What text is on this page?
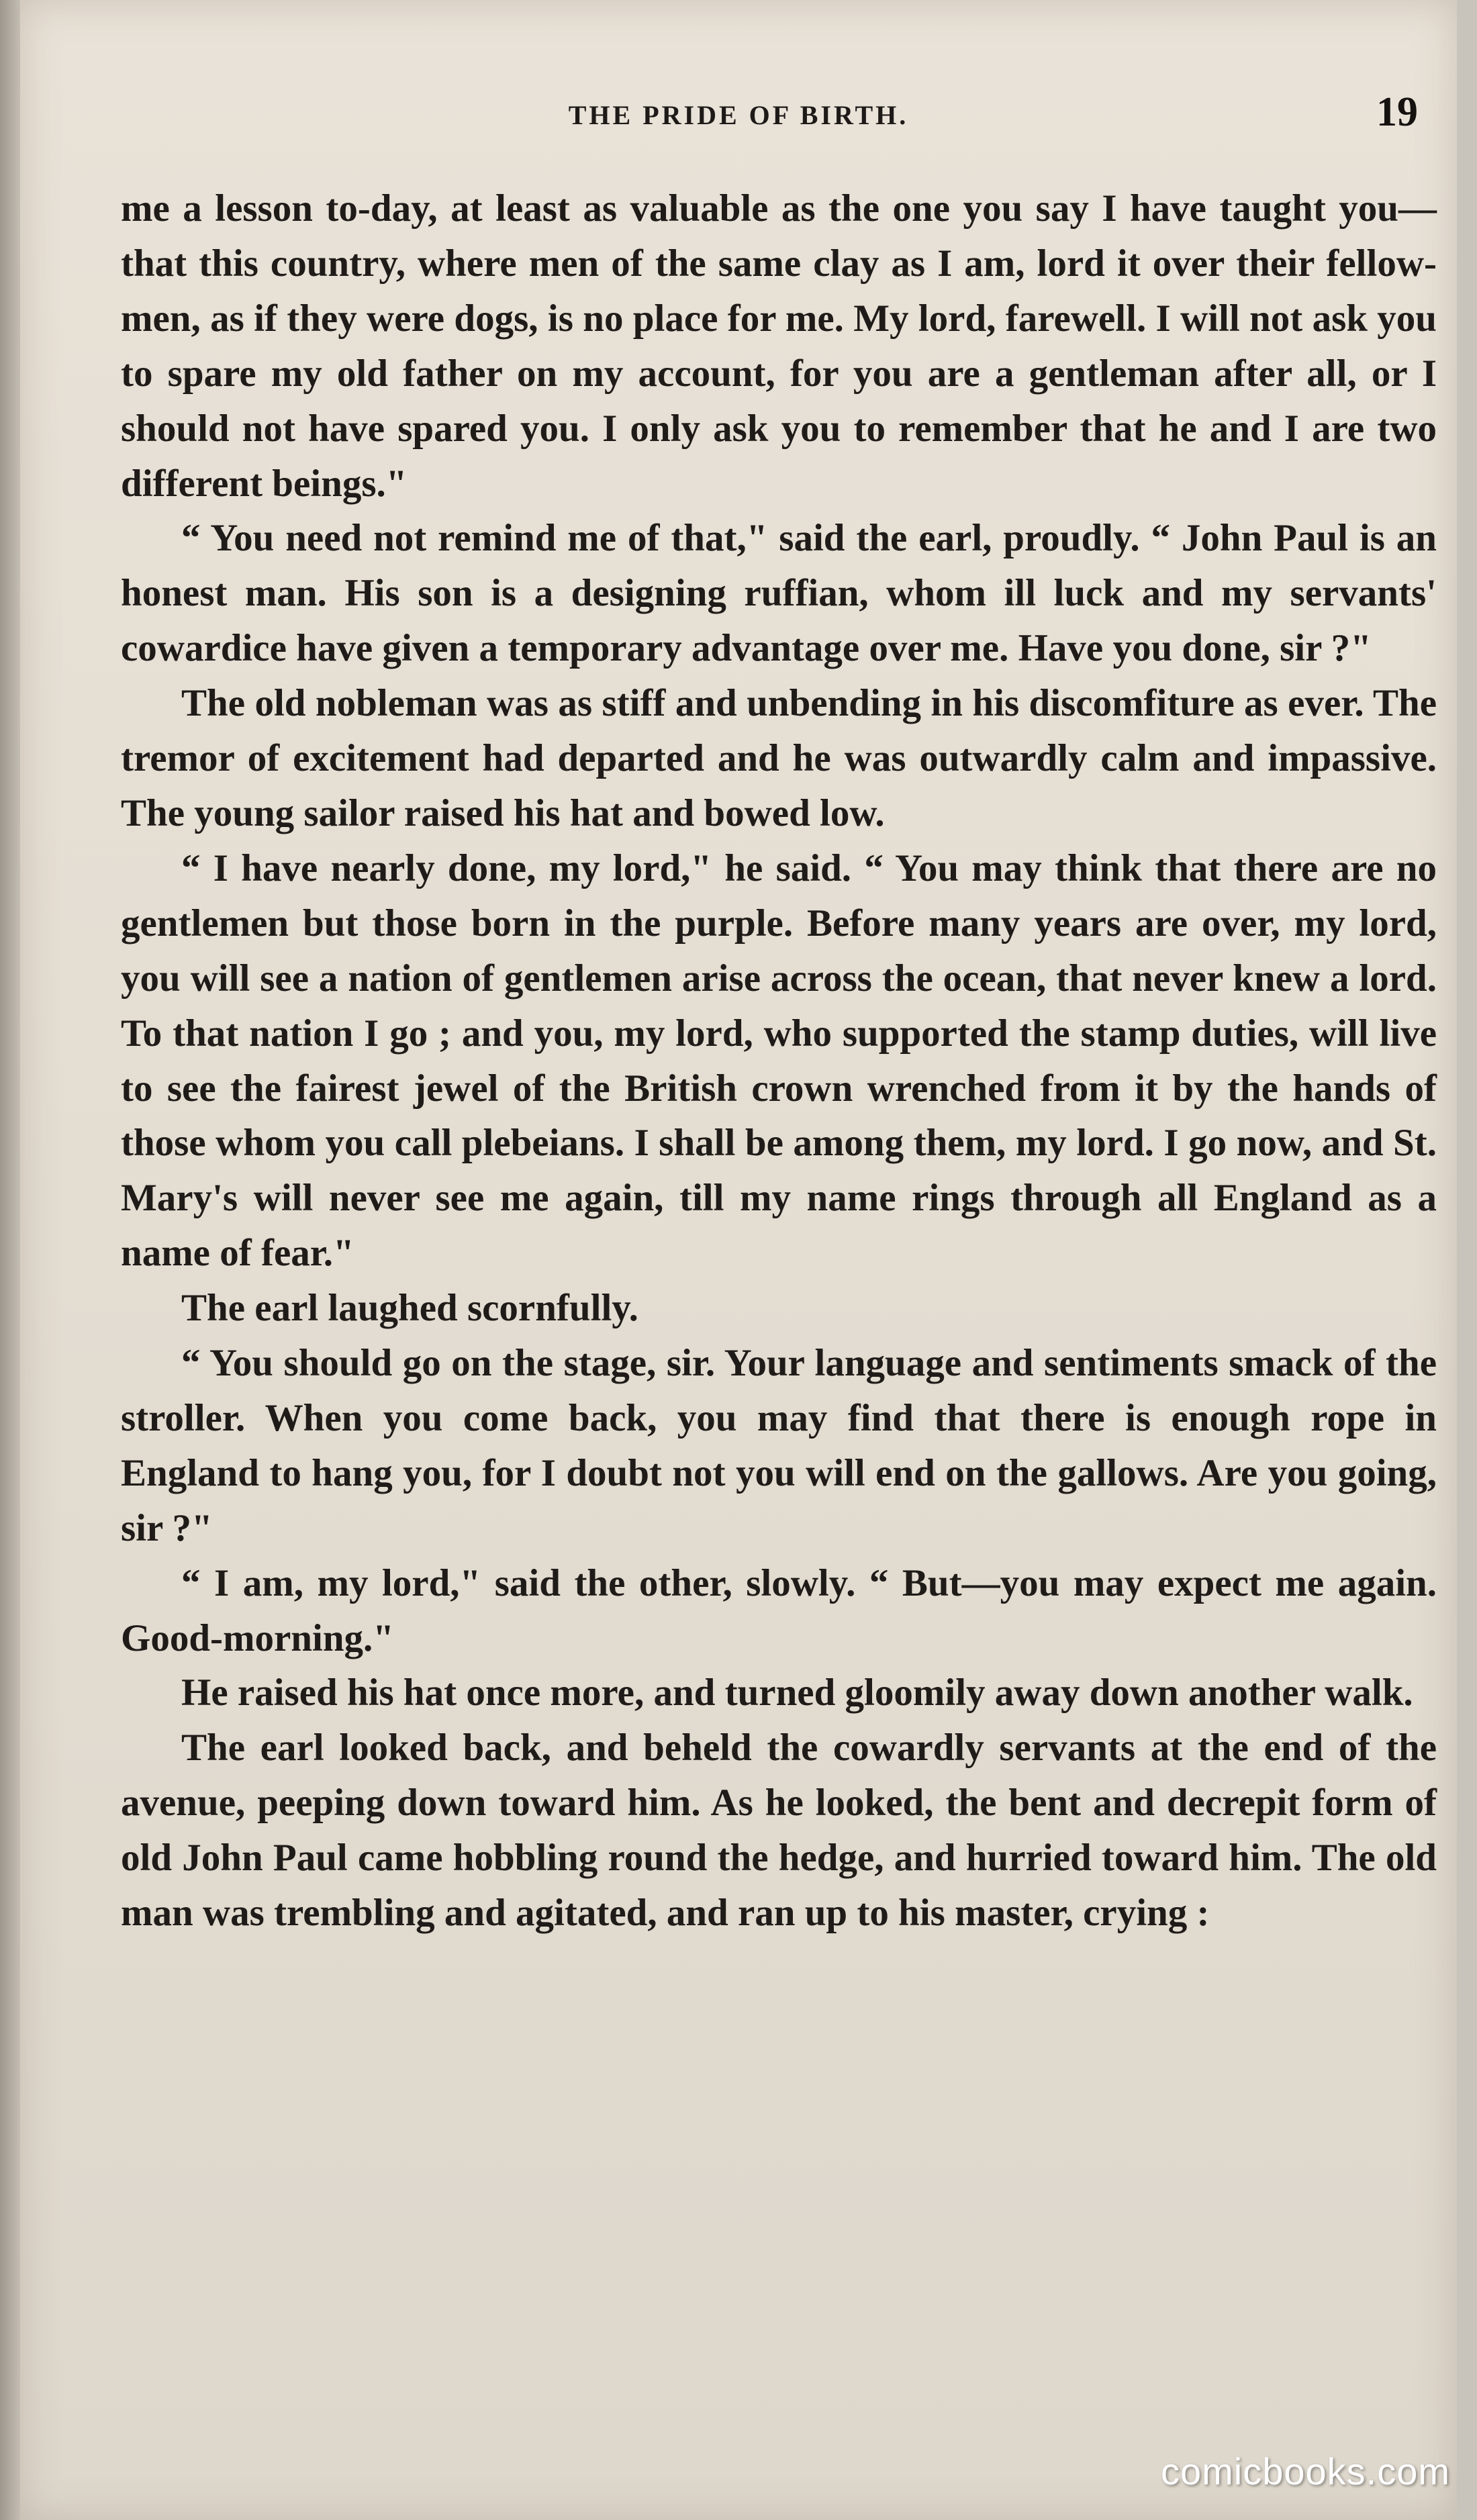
THE PRIDE OF BIRTH.	19

me a lesson to-day, at least as valuable as the one you say I have taught you—that this country, where men of the same clay as I am, lord it over their fellow-men, as if they were dogs, is no place for me. My lord, farewell. I will not ask you to spare my old father on my account, for you are a gentleman after all, or I should not have spared you. I only ask you to remember that he and I are two different beings."

“ You need not remind me of that," said the earl, proudly. “ John Paul is an honest man. His son is a designing ruffian, whom ill luck and my servants' cowardice have given a temporary advantage over me. Have you done, sir ?"

The old nobleman was as stiff and unbending in his discomfiture as ever. The tremor of excitement had departed and he was outwardly calm and impassive. The young sailor raised his hat and bowed low.

“ I have nearly done, my lord," he said. “ You may think that there are no gentlemen but those born in the purple. Before many years are over, my lord, you will see a nation of gentlemen arise across the ocean, that never knew a lord. To that nation I go ; and you, my lord, who supported the stamp duties, will live to see the fairest jewel of the British crown wrenched from it by the hands of those whom you call plebeians. I shall be among them, my lord. I go now, and St. Mary's will never see me again, till my name rings through all England as a name of fear."

The earl laughed scornfully.

“ You should go on the stage, sir. Your language and sentiments smack of the stroller. When you come back, you may find that there is enough rope in England to hang you, for I doubt not you will end on the gallows. Are you going, sir ?"

“ I am, my lord," said the other, slowly. “ But—you may expect me again. Good-morning."

He raised his hat once more, and turned gloomily away down another walk.

The earl looked back, and beheld the cowardly servants at the end of the avenue, peeping down toward him. As he looked, the bent and decrepit form of old John Paul came hobbling round the hedge, and hurried toward him. The old man was trembling and agitated, and ran up to his master, crying :

comicbooks.com
